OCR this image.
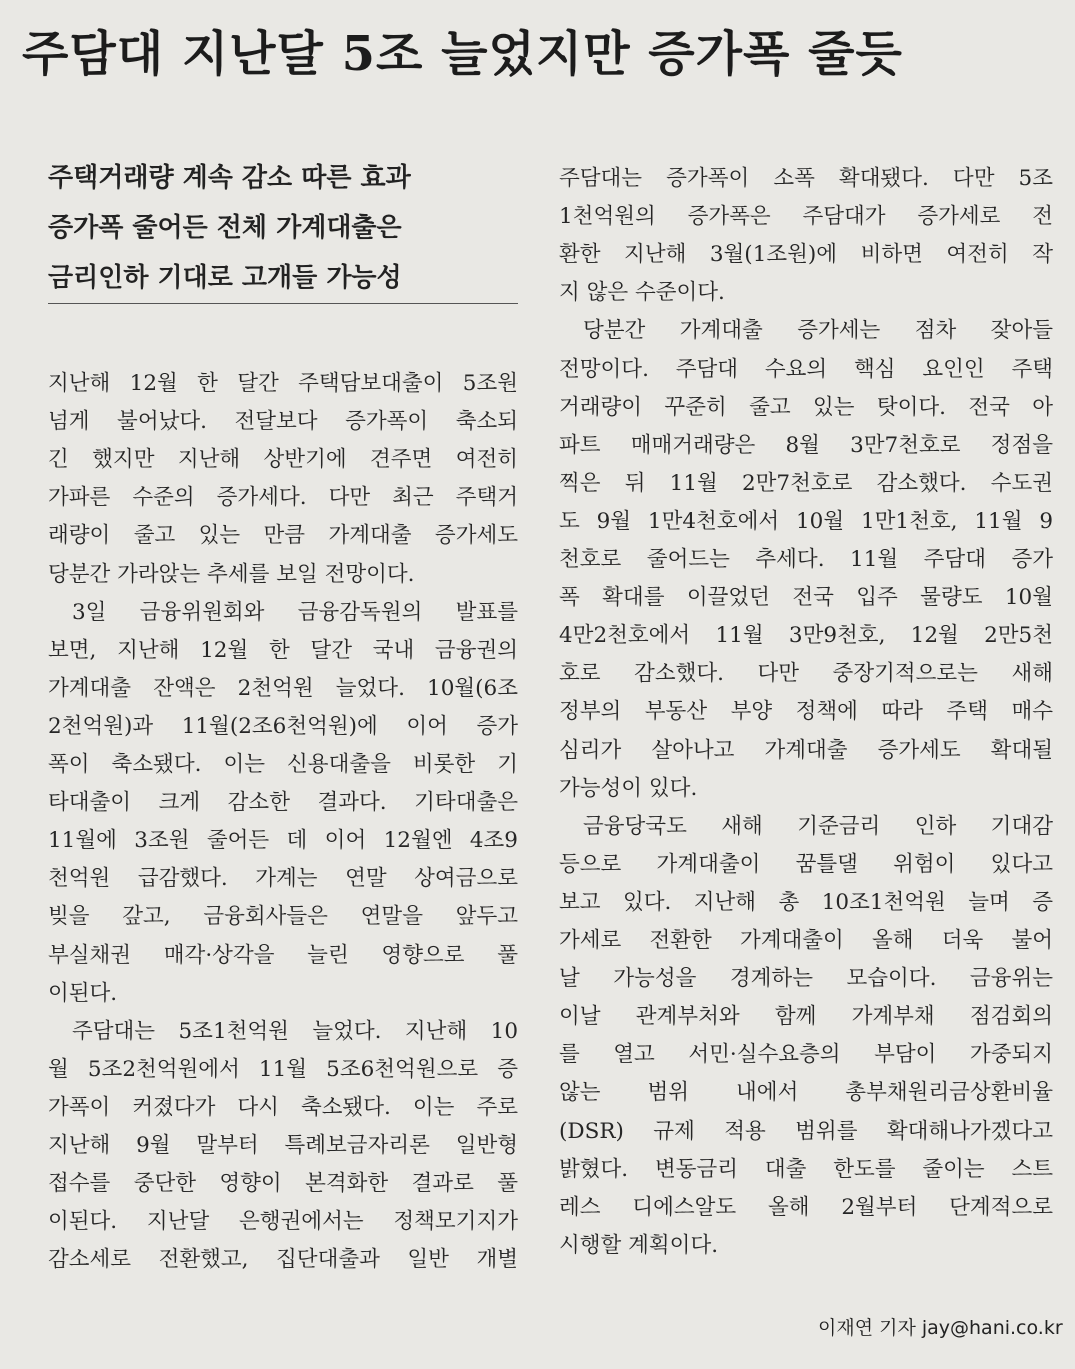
주담대 지난달 5조 늘었지만 증가폭 줄듯
주택거래량 계속 감소 따른 효과
증가폭 줄어든 전체 가계대출은
금리인하 기대로 고개들 가능성
지난해 12월 한 달간 주택담보대출이 5조원
넘게 불어났다. 전달보다 증가폭이 축소되
긴 했지만 지난해 상반기에 견주면 여전히
가파른 수준의 증가세다. 다만 최근 주택거
래량이 줄고 있는 만큼 가계대출 증가세도
당분간 가라앉는 추세를 보일 전망이다.
3일 금융위원회와 금융감독원의 발표를
보면, 지난해 12월 한 달간 국내 금융권의
가계대출 잔액은 2천억원 늘었다. 10월(6조
2천억원)과 11월(2조6천억원)에 이어 증가
폭이 축소됐다. 이는 신용대출을 비롯한 기
타대출이 크게 감소한 결과다. 기타대출은
11월에 3조원 줄어든 데 이어 12월엔 4조9
천억원 급감했다. 가계는 연말 상여금으로
빚을 갚고, 금융회사들은 연말을 앞두고
부실채권 매각·상각을 늘린 영향으로 풀
이된다.
주담대는 5조1천억원 늘었다. 지난해 10
월 5조2천억원에서 11월 5조6천억원으로 증
가폭이 커졌다가 다시 축소됐다. 이는 주로
지난해 9월 말부터 특례보금자리론 일반형
접수를 중단한 영향이 본격화한 결과로 풀
이된다. 지난달 은행권에서는 정책모기지가
감소세로 전환했고, 집단대출과 일반 개별
주담대는 증가폭이 소폭 확대됐다. 다만 5조
1천억원의 증가폭은 주담대가 증가세로 전
환한 지난해 3월(1조원)에 비하면 여전히 작
지 않은 수준이다.
당분간 가계대출 증가세는 점차 잦아들
전망이다. 주담대 수요의 핵심 요인인 주택
거래량이 꾸준히 줄고 있는 탓이다. 전국 아
파트 매매거래량은 8월 3만7천호로 정점을
찍은 뒤 11월 2만7천호로 감소했다. 수도권
도 9월 1만4천호에서 10월 1만1천호, 11월 9
천호로 줄어드는 추세다. 11월 주담대 증가
폭 확대를 이끌었던 전국 입주 물량도 10월
4만2천호에서 11월 3만9천호, 12월 2만5천
호로 감소했다. 다만 중장기적으로는 새해
정부의 부동산 부양 정책에 따라 주택 매수
심리가 살아나고 가계대출 증가세도 확대될
가능성이 있다.
금융당국도 새해 기준금리 인하 기대감
등으로 가계대출이 꿈틀댈 위험이 있다고
보고 있다. 지난해 총 10조1천억원 늘며 증
가세로 전환한 가계대출이 올해 더욱 불어
날 가능성을 경계하는 모습이다. 금융위는
이날 관계부처와 함께 가계부채 점검회의
를 열고 서민·실수요층의 부담이 가중되지
않는 범위 내에서 총부채원리금상환비율
(DSR) 규제 적용 범위를 확대해나가겠다고
밝혔다. 변동금리 대출 한도를 줄이는 스트
레스 디에스알도 올해 2월부터 단계적으로
시행할 계획이다.
이재연 기자 jay@hani.co.kr
